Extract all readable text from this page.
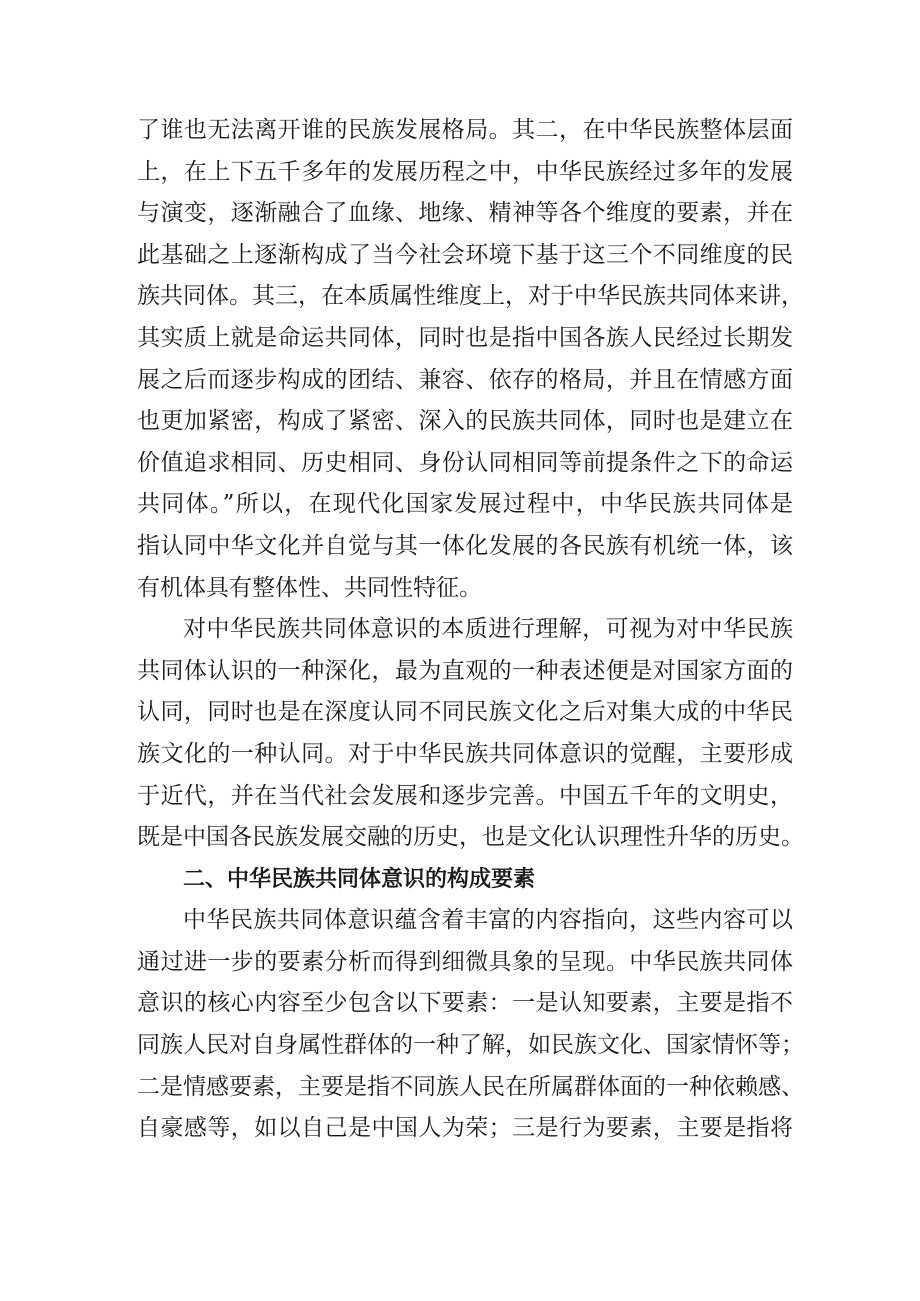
了谁也无法离开谁的民族发展格局。其二，在中华民族整体层面
上，在上下五千多年的发展历程之中，中华民族经过多年的发展
与演变，逐渐融合了血缘、地缘、精神等各个维度的要素，并在
此基础之上逐渐构成了当今社会环境下基于这三个不同维度的民
族共同体。其三，在本质属性维度上，对于中华民族共同体来讲，
其实质上就是命运共同体，同时也是指中国各族人民经过长期发
展之后而逐步构成的团结、兼容、依存的格局，并且在情感方面
也更加紧密，构成了紧密、深入的民族共同体，同时也是建立在
价值追求相同、历史相同、身份认同相同等前提条件之下的命运
共同体。”所以，在现代化国家发展过程中，中华民族共同体是
指认同中华文化并自觉与其一体化发展的各民族有机统一体，该
有机体具有整体性、共同性特征。
对中华民族共同体意识的本质进行理解，可视为对中华民族
共同体认识的一种深化，最为直观的一种表述便是对国家方面的
认同，同时也是在深度认同不同民族文化之后对集大成的中华民
族文化的一种认同。对于中华民族共同体意识的觉醒，主要形成
于近代，并在当代社会发展和逐步完善。中国五千年的文明史，
既是中国各民族发展交融的历史，也是文化认识理性升华的历史。
二、中华民族共同体意识的构成要素
中华民族共同体意识蕴含着丰富的内容指向，这些内容可以
通过进一步的要素分析而得到细微具象的呈现。中华民族共同体
意识的核心内容至少包含以下要素：一是认知要素，主要是指不
同族人民对自身属性群体的一种了解，如民族文化、国家情怀等；
二是情感要素，主要是指不同族人民在所属群体面的一种依赖感、
自豪感等，如以自己是中国人为荣；三是行为要素，主要是指将
